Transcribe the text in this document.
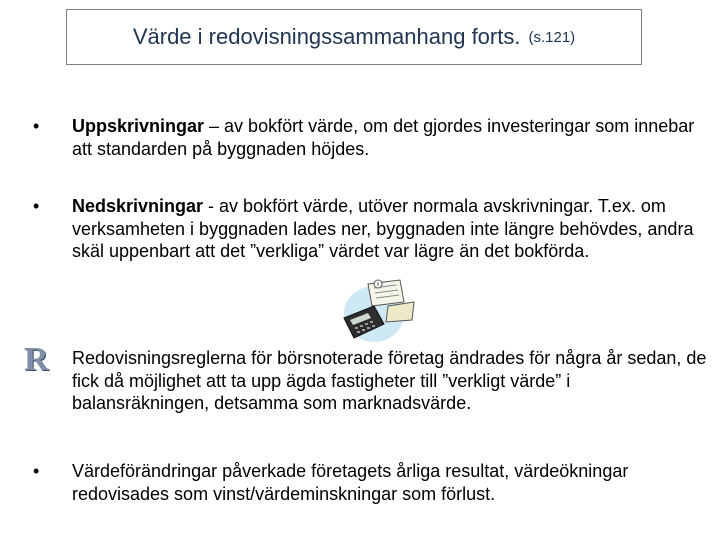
Värde i redovisningssammanhang forts. (s.121)
• Uppskrivningar – av bokfört värde, om det gjordes investeringar som innebar att standarden på byggnaden höjdes.
• Nedskrivningar - av bokfört värde, utöver normala avskrivningar. T.ex. om verksamheten i byggnaden lades ner, byggnaden inte längre behövdes, andra skäl uppenbart att det ”verkliga” värdet var lägre än det bokförda.
R Redovisningsreglerna för börsnoterade företag ändrades för några år sedan, de fick då möjlighet att ta upp ägda fastigheter till ”verkligt värde” i balansräkningen, detsamma som marknadsvärde.
• Värdeförändringar påverkade företagets årliga resultat, värdeökningar redovisades som vinst/värdeminskningar som förlust.
